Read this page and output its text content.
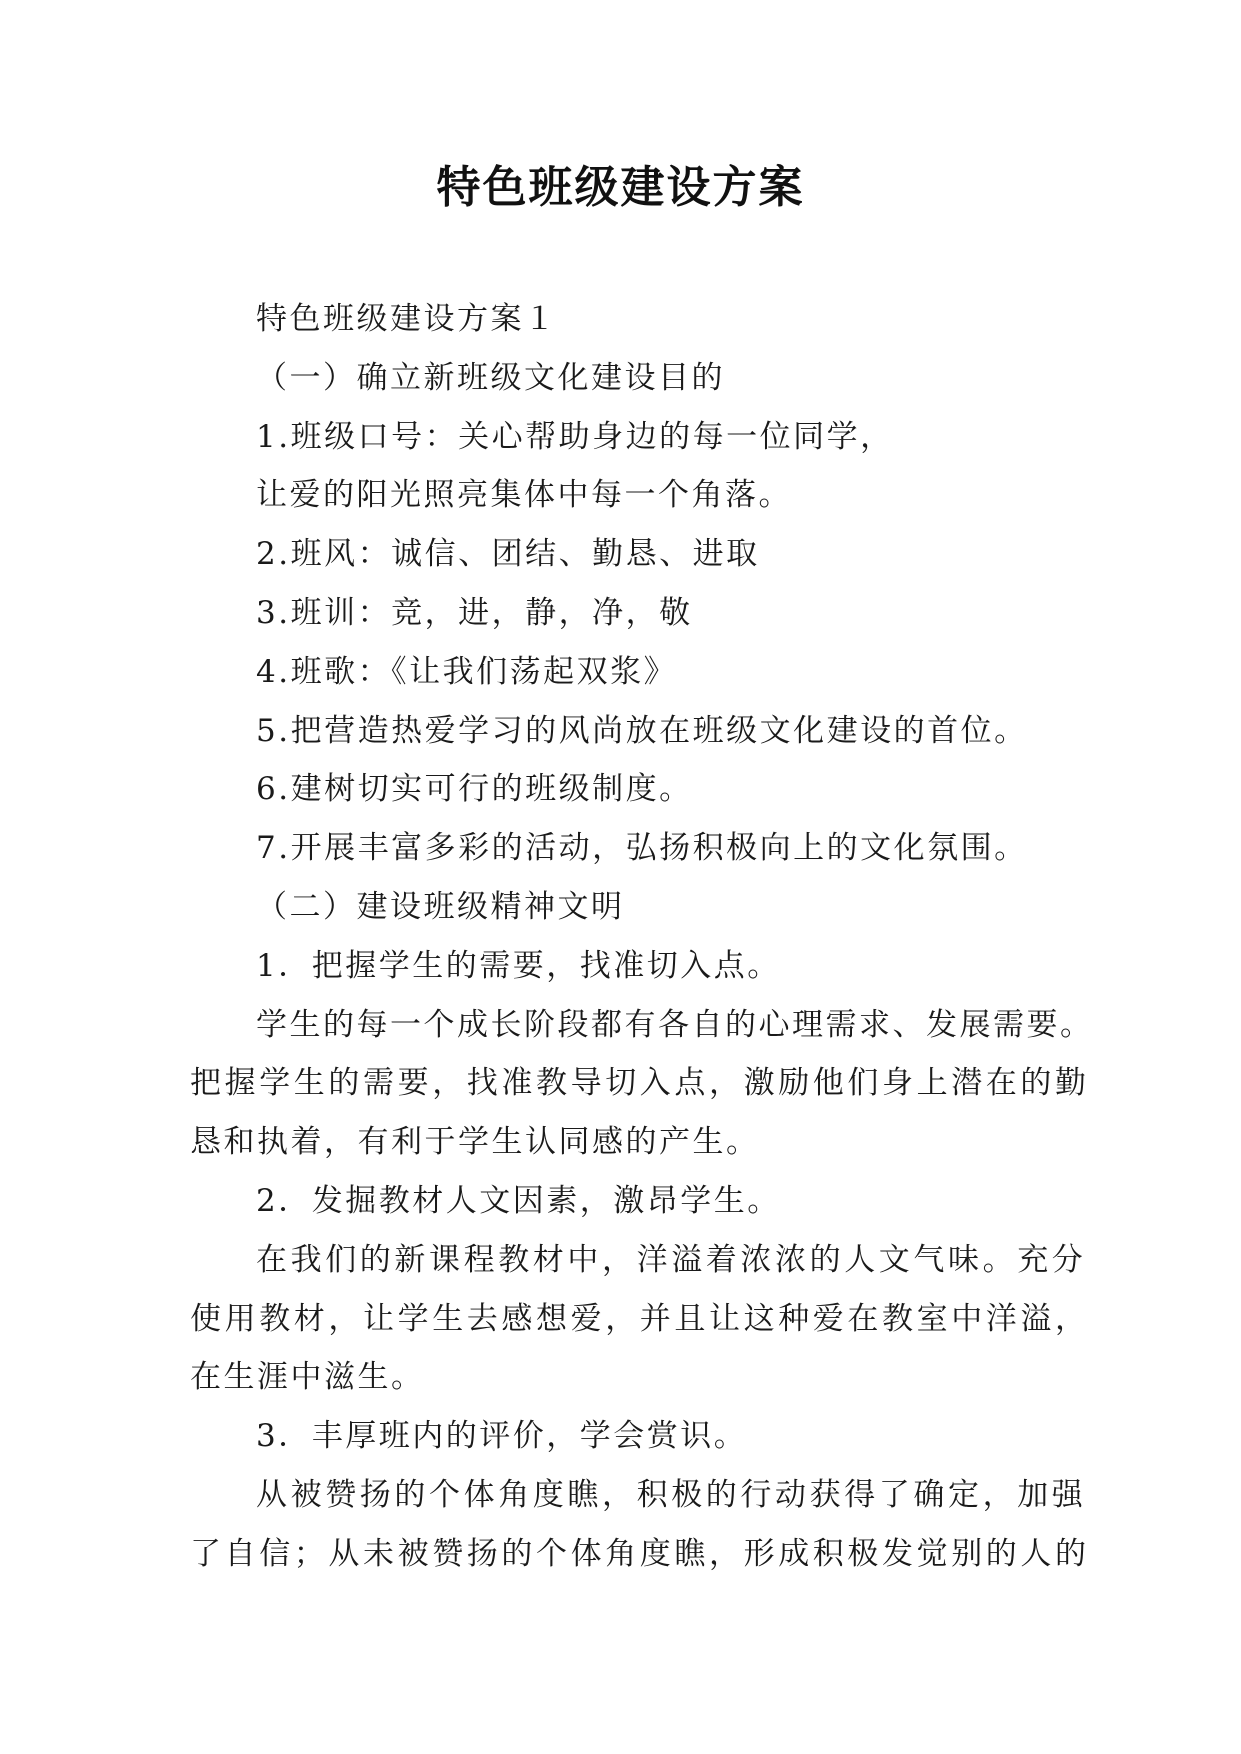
特色班级建设方案
特色班级建设方案１
（一）确立新班级文化建设目的
1.班级口号：关心帮助身边的每一位同学，
让爱的阳光照亮集体中每一个角落。
2.班风：诚信、团结、勤恳、进取
3.班训：竞，进，静，净，敬
4.班歌：《让我们荡起双浆》
5.把营造热爱学习的风尚放在班级文化建设的首位。
6.建树切实可行的班级制度。
7.开展丰富多彩的活动，弘扬积极向上的文化氛围。
（二）建设班级精神文明
1．把握学生的需要，找准切入点。
学生的每一个成长阶段都有各自的心理需求、发展需要。
把握学生的需要，找准教导切入点，激励他们身上潜在的勤
恳和执着，有利于学生认同感的产生。
2．发掘教材人文因素，激昂学生。
在我们的新课程教材中，洋溢着浓浓的人文气味。充分
使用教材，让学生去感想爱，并且让这种爱在教室中洋溢，
在生涯中滋生。
3．丰厚班内的评价，学会赏识。
从被赞扬的个体角度瞧，积极的行动获得了确定，加强
了自信；从未被赞扬的个体角度瞧，形成积极发觉别的人的
